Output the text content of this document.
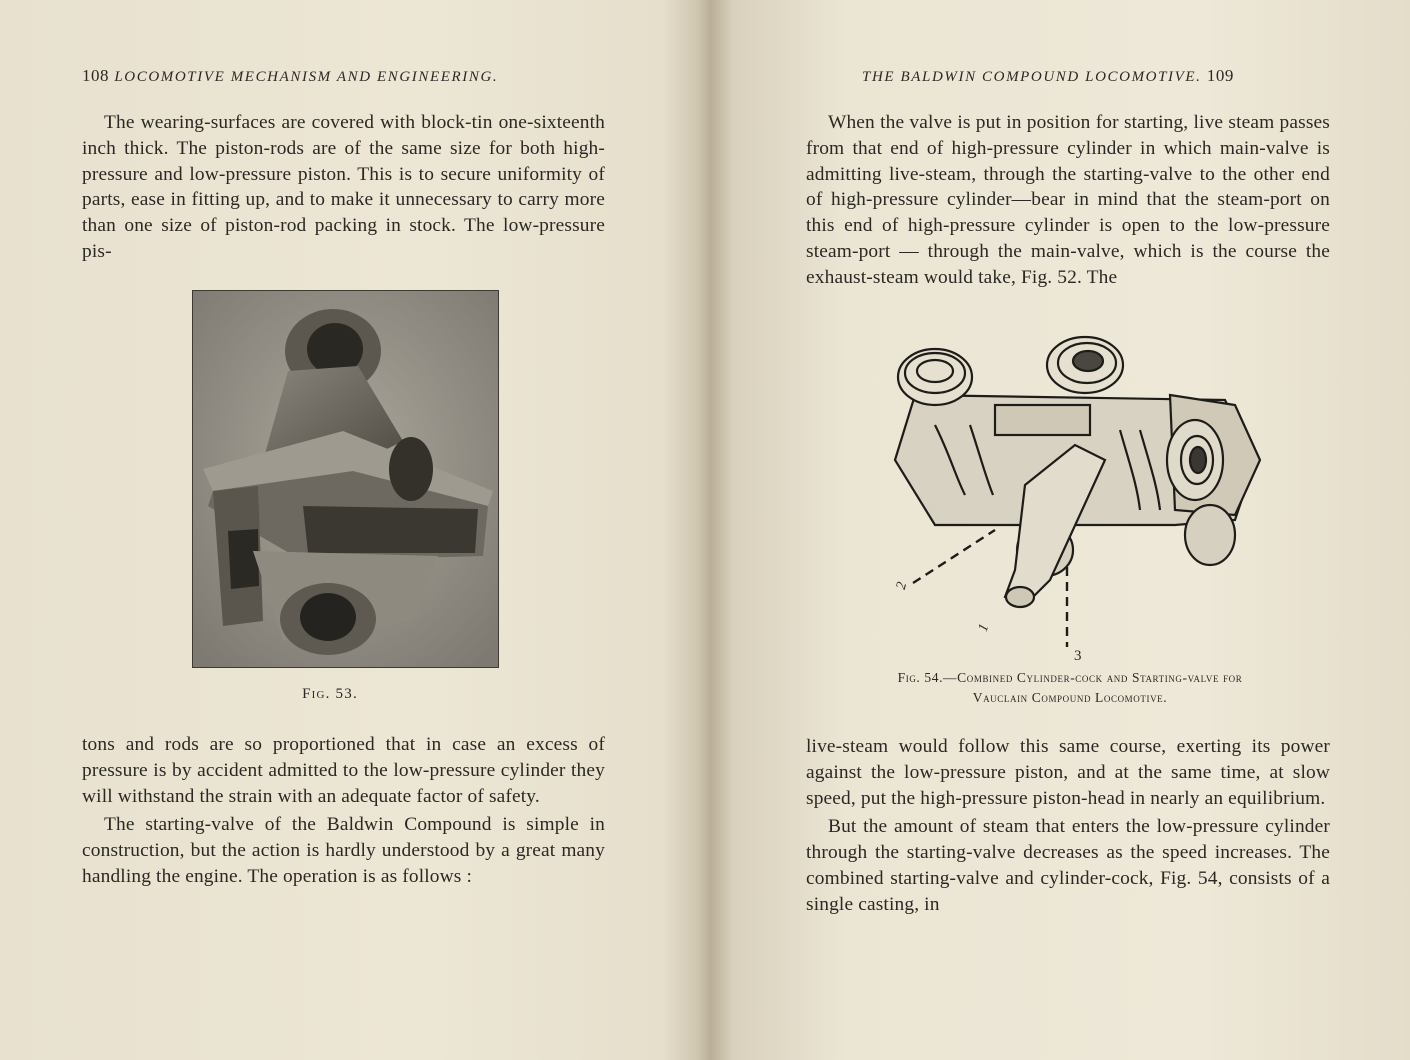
108 LOCOMOTIVE MECHANISM AND ENGINEERING.

The wearing-surfaces are covered with block-tin one-sixteenth inch thick. The piston-rods are of the same size for both high-pressure and low-pressure piston. This is to secure uniformity of parts, ease in fitting up, and to make it unnecessary to carry more than one size of piston-rod packing in stock. The low-pressure pis-

Fig. 53.

tons and rods are so proportioned that in case an excess of pressure is by accident admitted to the low-pressure cylinder they will withstand the strain with an adequate factor of safety.

The starting-valve of the Baldwin Compound is simple in construction, but the action is hardly understood by a great many handling the engine. The operation is as follows :

THE BALDWIN COMPOUND LOCOMOTIVE. 109

When the valve is put in position for starting, live steam passes from that end of high-pressure cylinder in which main-valve is admitting live-steam, through the starting-valve to the other end of high-pressure cylinder—bear in mind that the steam-port on this end of high-pressure cylinder is open to the low-pressure steam-port — through the main-valve, which is the course the exhaust-steam would take, Fig. 52. The

Fig. 54.—Combined Cylinder-cock and Starting-valve for
Vauclain Compound Locomotive.
1
2
3

live-steam would follow this same course, exerting its power against the low-pressure piston, and at the same time, at slow speed, put the high-pressure piston-head in nearly an equilibrium.

But the amount of steam that enters the low-pressure cylinder through the starting-valve decreases as the speed increases. The combined starting-valve and cylinder-cock, Fig. 54, consists of a single casting, in
